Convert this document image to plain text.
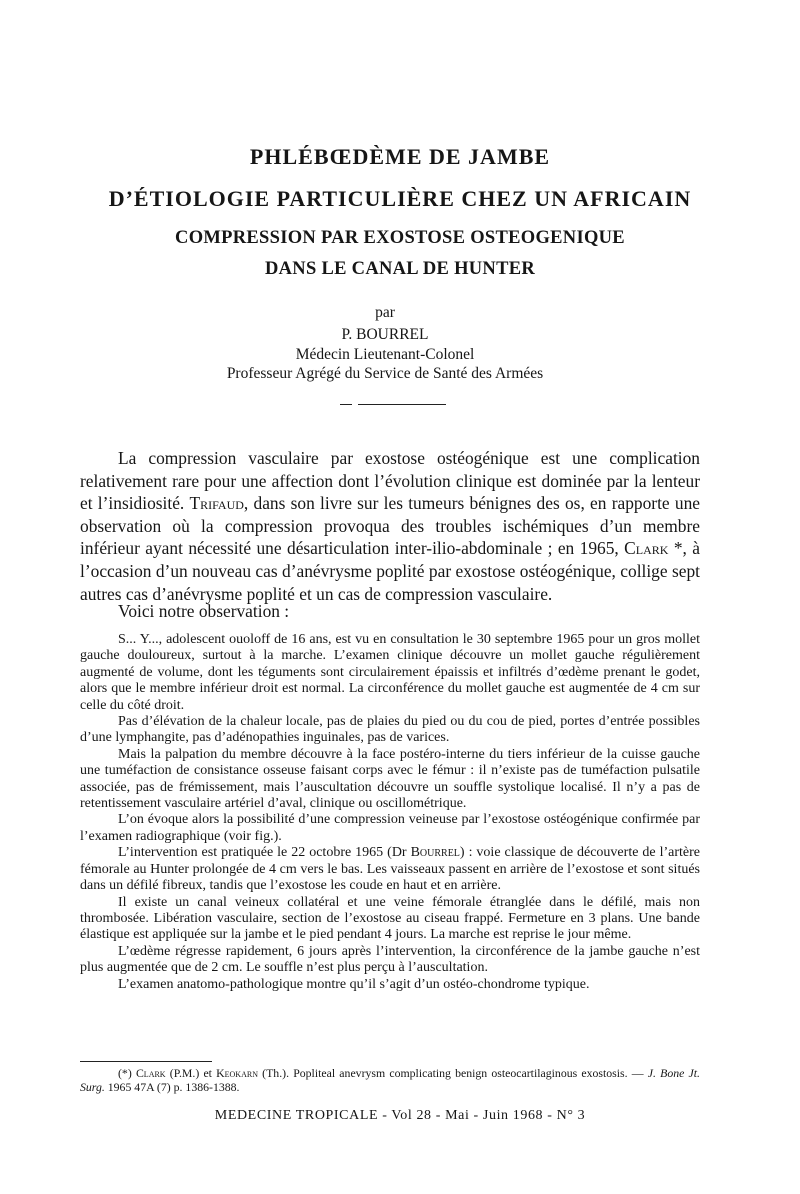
PHLÉBŒDÈME DE JAMBE
D’ÉTIOLOGIE PARTICULIÈRE CHEZ UN AFRICAIN
COMPRESSION PAR EXOSTOSE OSTEOGENIQUE
DANS LE CANAL DE HUNTER
par
P. BOURREL
Médecin Lieutenant-Colonel
Professeur Agrégé du Service de Santé des Armées

La compression vasculaire par exostose ostéogénique est une complication relativement rare pour une affection dont l’évolution clinique est dominée par la lenteur et l’insidiosité. Trifaud, dans son livre sur les tumeurs bénignes des os, en rapporte une observation où la compression provoqua des troubles ischémiques d’un membre inférieur ayant nécessité une désarticulation inter-ilio-abdominale ; en 1965, Clark *, à l’occasion d’un nouveau cas d’anévrysme poplité par exostose ostéogénique, collige sept autres cas d’anévrysme poplité et un cas de compression vasculaire.

Voici notre observation :

S... Y..., adolescent ouoloff de 16 ans, est vu en consultation le 30 septembre 1965 pour un gros mollet gauche douloureux, surtout à la marche. L’examen clinique découvre un mollet gauche régulièrement augmenté de volume, dont les téguments sont circulairement épaissis et infiltrés d’œdème prenant le godet, alors que le membre inférieur droit est normal. La circonférence du mollet gauche est augmentée de 4 cm sur celle du côté droit.

Pas d’élévation de la chaleur locale, pas de plaies du pied ou du cou de pied, portes d’entrée possibles d’une lymphangite, pas d’adénopathies inguinales, pas de varices.

Mais la palpation du membre découvre à la face postéro-interne du tiers inférieur de la cuisse gauche une tuméfaction de consistance osseuse faisant corps avec le fémur : il n’existe pas de tuméfaction pulsatile associée, pas de frémissement, mais l’auscultation découvre un souffle systolique localisé. Il n’y a pas de retentissement vasculaire artériel d’aval, clinique ou oscillométrique.

L’on évoque alors la possibilité d’une compression veineuse par l’exostose ostéogénique confirmée par l’examen radiographique (voir fig.).

L’intervention est pratiquée le 22 octobre 1965 (Dr Bourrel) : voie classique de découverte de l’artère fémorale au Hunter prolongée de 4 cm vers le bas. Les vaisseaux passent en arrière de l’exostose et sont situés dans un défilé fibreux, tandis que l’exostose les coude en haut et en arrière.

Il existe un canal veineux collatéral et une veine fémorale étranglée dans le défilé, mais non thrombosée. Libération vasculaire, section de l’exostose au ciseau frappé. Fermeture en 3 plans. Une bande élastique est appliquée sur la jambe et le pied pendant 4 jours. La marche est reprise le jour même.

L’œdème régresse rapidement, 6 jours après l’intervention, la circonférence de la jambe gauche n’est plus augmentée que de 2 cm. Le souffle n’est plus perçu à l’auscultation.

L’examen anatomo-pathologique montre qu’il s’agit d’un ostéo-chondrome typique.

(*) Clark (P.M.) et Keokarn (Th.). Popliteal anevrysm complicating benign osteocartilaginous exostosis. — J. Bone Jt. Surg. 1965 47A (7) p. 1386-1388.

MEDECINE TROPICALE - Vol 28 - Mai - Juin 1968 - N° 3
